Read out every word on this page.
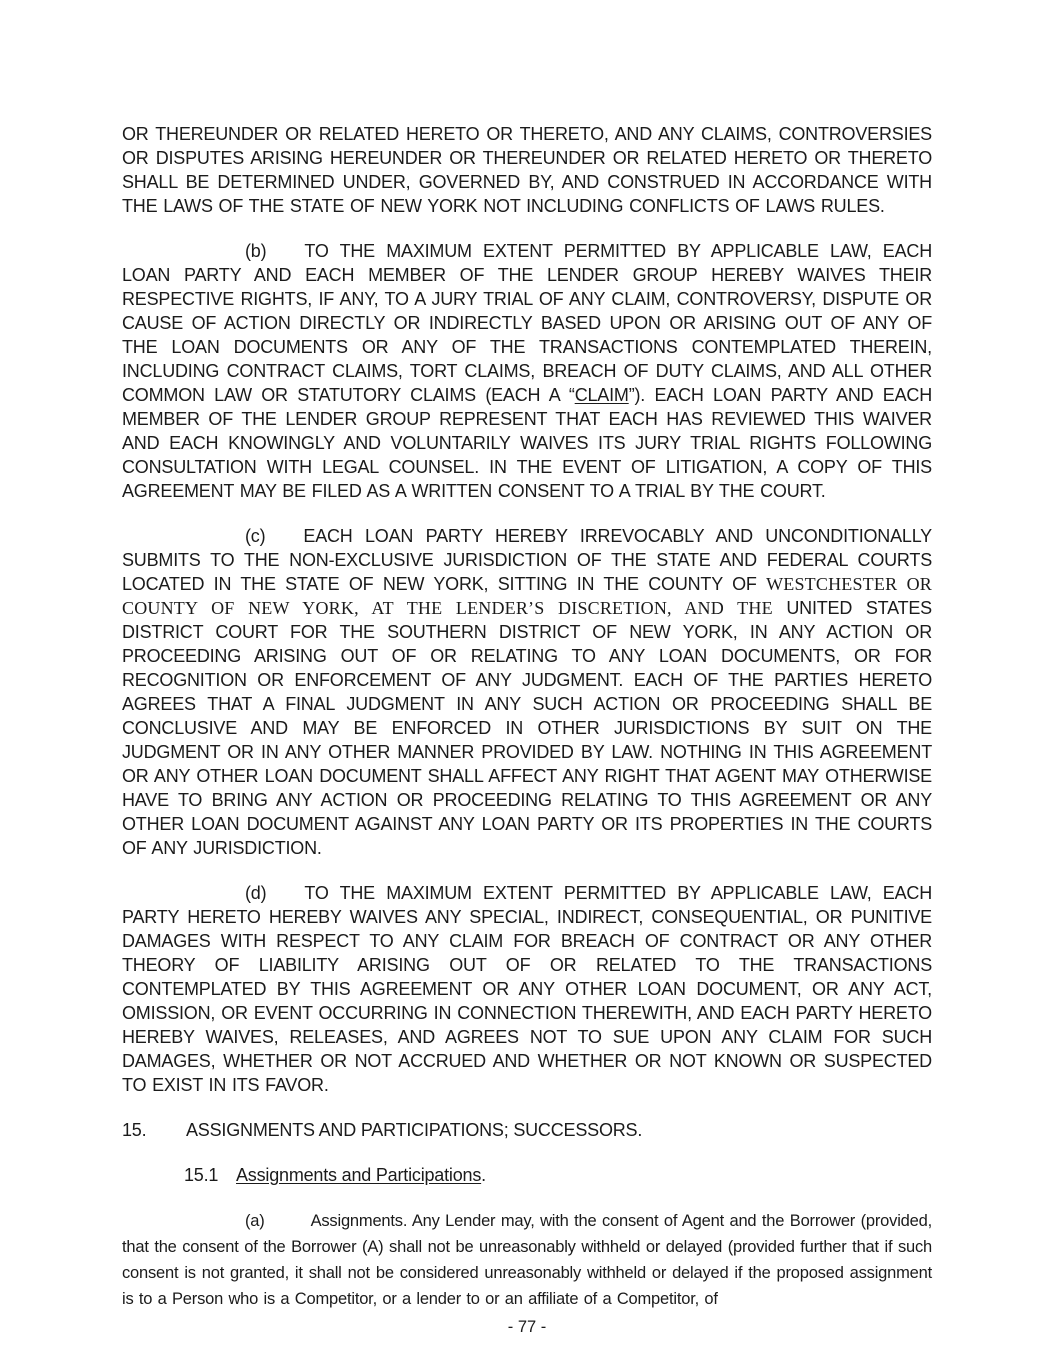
OR THEREUNDER OR RELATED HERETO OR THERETO, AND ANY CLAIMS, CONTROVERSIES OR DISPUTES ARISING HEREUNDER OR THEREUNDER OR RELATED HERETO OR THERETO SHALL BE DETERMINED UNDER, GOVERNED BY, AND CONSTRUED IN ACCORDANCE WITH THE LAWS OF THE STATE OF NEW YORK NOT INCLUDING CONFLICTS OF LAWS RULES.

(b) TO THE MAXIMUM EXTENT PERMITTED BY APPLICABLE LAW, EACH LOAN PARTY AND EACH MEMBER OF THE LENDER GROUP HEREBY WAIVES THEIR RESPECTIVE RIGHTS, IF ANY, TO A JURY TRIAL OF ANY CLAIM, CONTROVERSY, DISPUTE OR CAUSE OF ACTION DIRECTLY OR INDIRECTLY BASED UPON OR ARISING OUT OF ANY OF THE LOAN DOCUMENTS OR ANY OF THE TRANSACTIONS CONTEMPLATED THEREIN, INCLUDING CONTRACT CLAIMS, TORT CLAIMS, BREACH OF DUTY CLAIMS, AND ALL OTHER COMMON LAW OR STATUTORY CLAIMS (EACH A “CLAIM”). EACH LOAN PARTY AND EACH MEMBER OF THE LENDER GROUP REPRESENT THAT EACH HAS REVIEWED THIS WAIVER AND EACH KNOWINGLY AND VOLUNTARILY WAIVES ITS JURY TRIAL RIGHTS FOLLOWING CONSULTATION WITH LEGAL COUNSEL. IN THE EVENT OF LITIGATION, A COPY OF THIS AGREEMENT MAY BE FILED AS A WRITTEN CONSENT TO A TRIAL BY THE COURT.

(c) EACH LOAN PARTY HEREBY IRREVOCABLY AND UNCONDITIONALLY SUBMITS TO THE NON-EXCLUSIVE JURISDICTION OF THE STATE AND FEDERAL COURTS LOCATED IN THE STATE OF NEW YORK, SITTING IN THE COUNTY OF WESTCHESTER OR COUNTY OF NEW YORK, AT THE LENDER’S DISCRETION, AND THE UNITED STATES DISTRICT COURT FOR THE SOUTHERN DISTRICT OF NEW YORK, IN ANY ACTION OR PROCEEDING ARISING OUT OF OR RELATING TO ANY LOAN DOCUMENTS, OR FOR RECOGNITION OR ENFORCEMENT OF ANY JUDGMENT. EACH OF THE PARTIES HERETO AGREES THAT A FINAL JUDGMENT IN ANY SUCH ACTION OR PROCEEDING SHALL BE CONCLUSIVE AND MAY BE ENFORCED IN OTHER JURISDICTIONS BY SUIT ON THE JUDGMENT OR IN ANY OTHER MANNER PROVIDED BY LAW. NOTHING IN THIS AGREEMENT OR ANY OTHER LOAN DOCUMENT SHALL AFFECT ANY RIGHT THAT AGENT MAY OTHERWISE HAVE TO BRING ANY ACTION OR PROCEEDING RELATING TO THIS AGREEMENT OR ANY OTHER LOAN DOCUMENT AGAINST ANY LOAN PARTY OR ITS PROPERTIES IN THE COURTS OF ANY JURISDICTION.

(d) TO THE MAXIMUM EXTENT PERMITTED BY APPLICABLE LAW, EACH PARTY HERETO HEREBY WAIVES ANY SPECIAL, INDIRECT, CONSEQUENTIAL, OR PUNITIVE DAMAGES WITH RESPECT TO ANY CLAIM FOR BREACH OF CONTRACT OR ANY OTHER THEORY OF LIABILITY ARISING OUT OF OR RELATED TO THE TRANSACTIONS CONTEMPLATED BY THIS AGREEMENT OR ANY OTHER LOAN DOCUMENT, OR ANY ACT, OMISSION, OR EVENT OCCURRING IN CONNECTION THEREWITH, AND EACH PARTY HERETO HEREBY WAIVES, RELEASES, AND AGREES NOT TO SUE UPON ANY CLAIM FOR SUCH DAMAGES, WHETHER OR NOT ACCRUED AND WHETHER OR NOT KNOWN OR SUSPECTED TO EXIST IN ITS FAVOR.

15. ASSIGNMENTS AND PARTICIPATIONS; SUCCESSORS.

15.1 Assignments and Participations.

(a)	Assignments. Any Lender may, with the consent of Agent and the Borrower (provided, that the consent of the Borrower (A) shall not be unreasonably withheld or delayed (provided further that if such consent is not granted, it shall not be considered unreasonably withheld or delayed if the proposed assignment is to a Person who is a Competitor, or a lender to or an affiliate of a Competitor, of

- 77 -
